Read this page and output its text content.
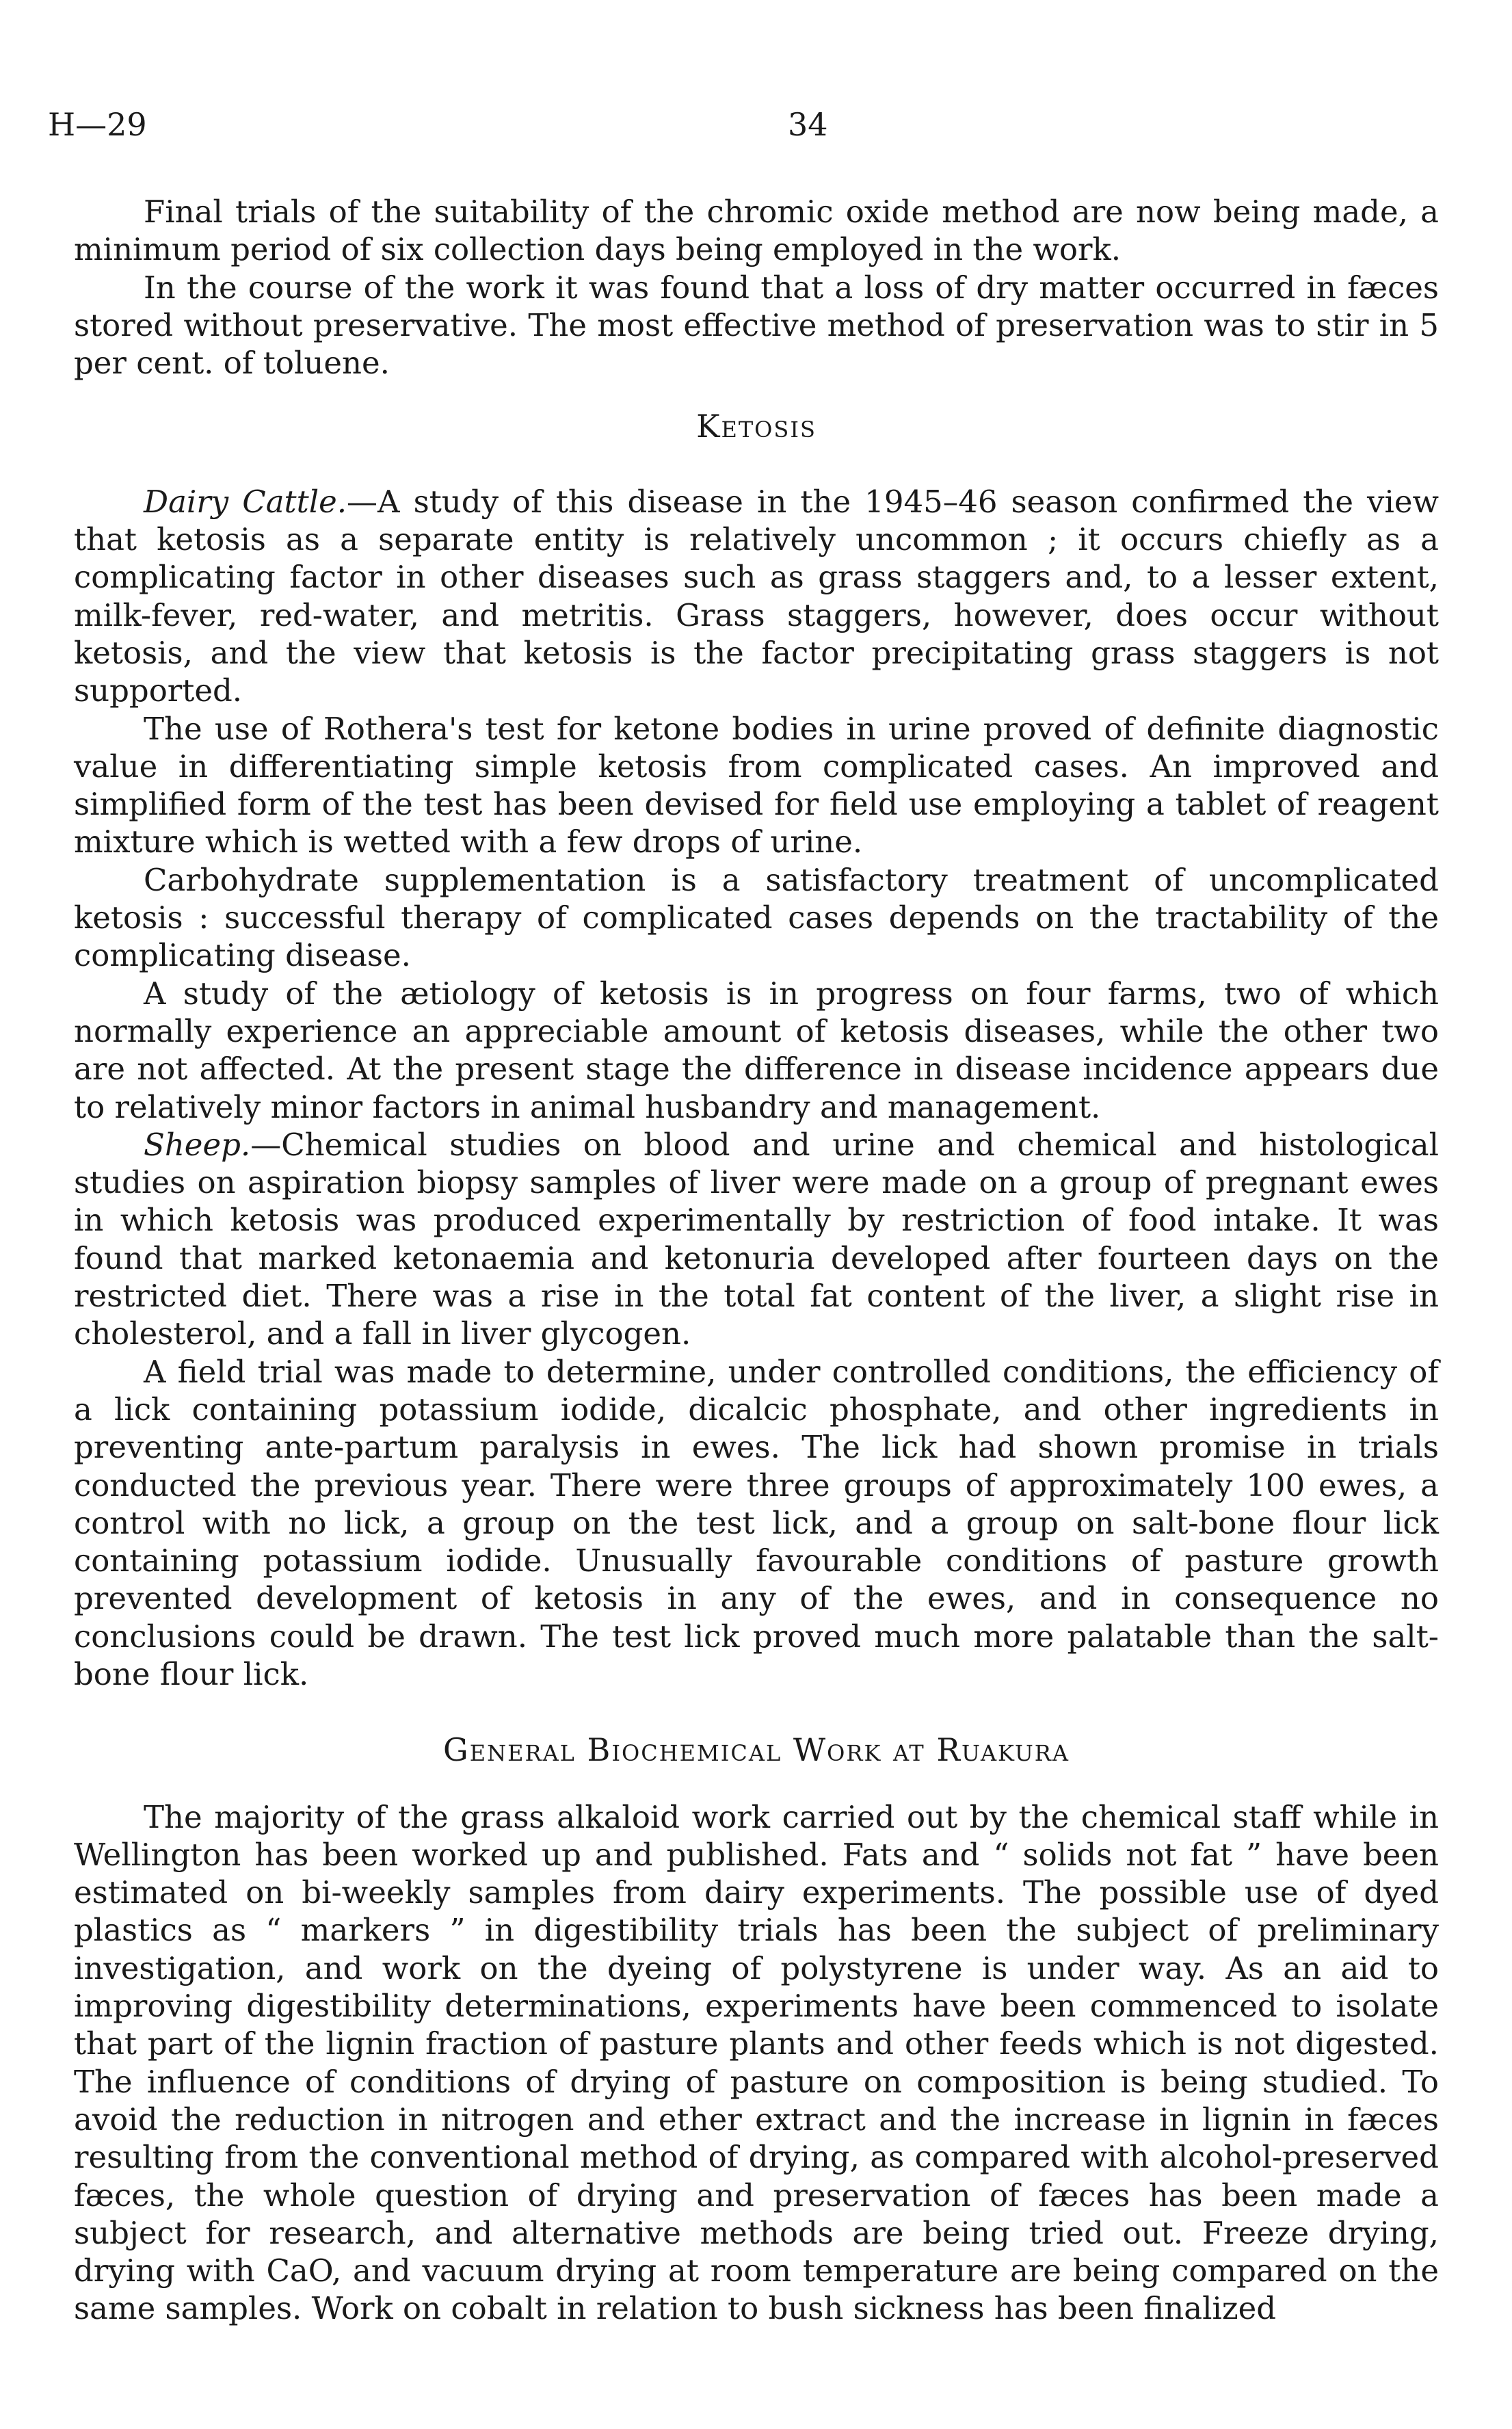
H—29	34

Final trials of the suitability of the chromic oxide method are now being made, a minimum period of six collection days being employed in the work.

In the course of the work it was found that a loss of dry matter occurred in fæces stored without preservative. The most effective method of preservation was to stir in 5 per cent. of toluene.

Ketosis

Dairy Cattle.—A study of this disease in the 1945–46 season confirmed the view that ketosis as a separate entity is relatively uncommon ; it occurs chiefly as a complicating factor in other diseases such as grass staggers and, to a lesser extent, milk-fever, red-water, and metritis. Grass staggers, however, does occur without ketosis, and the view that ketosis is the factor precipitating grass staggers is not supported.

The use of Rothera's test for ketone bodies in urine proved of definite diagnostic value in differentiating simple ketosis from complicated cases. An improved and simplified form of the test has been devised for field use employing a tablet of reagent mixture which is wetted with a few drops of urine.

Carbohydrate supplementation is a satisfactory treatment of uncomplicated ketosis : successful therapy of complicated cases depends on the tractability of the complicating disease.

A study of the ætiology of ketosis is in progress on four farms, two of which normally experience an appreciable amount of ketosis diseases, while the other two are not affected. At the present stage the difference in disease incidence appears due to relatively minor factors in animal husbandry and management.

Sheep.—Chemical studies on blood and urine and chemical and histological studies on aspiration biopsy samples of liver were made on a group of pregnant ewes in which ketosis was produced experimentally by restriction of food intake. It was found that marked ketonaemia and ketonuria developed after fourteen days on the restricted diet. There was a rise in the total fat content of the liver, a slight rise in cholesterol, and a fall in liver glycogen.

A field trial was made to determine, under controlled conditions, the efficiency of a lick containing potassium iodide, dicalcic phosphate, and other ingredients in preventing ante-partum paralysis in ewes. The lick had shown promise in trials conducted the previous year. There were three groups of approximately 100 ewes, a control with no lick, a group on the test lick, and a group on salt-bone flour lick containing potassium iodide. Unusually favourable conditions of pasture growth prevented development of ketosis in any of the ewes, and in consequence no conclusions could be drawn. The test lick proved much more palatable than the salt-bone flour lick.

General Biochemical Work at Ruakura

The majority of the grass alkaloid work carried out by the chemical staff while in Wellington has been worked up and published. Fats and “ solids not fat ” have been estimated on bi-weekly samples from dairy experiments. The possible use of dyed plastics as “ markers ” in digestibility trials has been the subject of preliminary investigation, and work on the dyeing of polystyrene is under way. As an aid to improving digestibility determinations, experiments have been commenced to isolate that part of the lignin fraction of pasture plants and other feeds which is not digested. The influence of conditions of drying of pasture on composition is being studied. To avoid the reduction in nitrogen and ether extract and the increase in lignin in fæces resulting from the conventional method of drying, as compared with alcohol-preserved fæces, the whole question of drying and preservation of fæces has been made a subject for research, and alternative methods are being tried out. Freeze drying, drying with CaO, and vacuum drying at room temperature are being compared on the same samples. Work on cobalt in relation to bush sickness has been finalized
